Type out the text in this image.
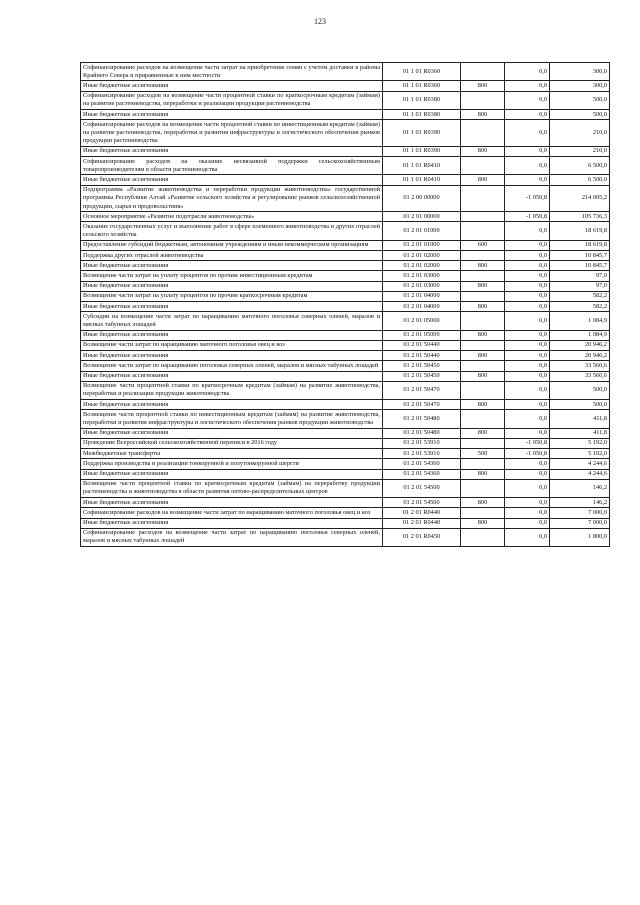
123
Софинансирование расходов на возмещение части затрат на приобретение семян с учетом доставки в районы Крайнего Севера и приравненные к ним местности	01 1 01 R0360		0,0	300,0
Иные бюджетные ассигнования	01 1 01 R0360	800	0,0	300,0
Софинансирование расходов на возмещение части процентной ставки по краткосрочным кредитам (займам) на развитие растениеводства, переработки и реализации продукции растениеводства	01 1 01 R0380		0,0	500,0
Иные бюджетные ассигнования	01 1 01 R0380	800	0,0	500,0
Софинансирование расходов на возмещение части процентной ставки по инвестиционным кредитам (займам) на развитие растениеводства, переработки и развития инфраструктуры и логистического обеспечения рынков продукции растениеводства	01 1 01 R0390		0,0	210,0
Иные бюджетные ассигнования	01 1 01 R0390	800	0,0	210,0
Софинансирование расходов на оказание несвязанной поддержки сельскохозяйственным товаропроизводителям в области растениеводства	01 1 01 R0410		0,0	6 500,0
Иные бюджетные ассигнования	01 1 01 R0410	800	0,0	6 500,0
Подпрограмма «Развитие животноводства и переработки продукции животноводства» государственной программы Республики Алтай «Развитие сельского хозяйства и регулирование рынков сельскохозяйственной продукции, сырья и продовольствия»	01 2 00 00000		-1 050,8	214 005,2
Основное мероприятие «Развитие подотрасли животноводства»	01 2 01 00000		-1 050,8	105 736,3
Оказание государственных услуг и выполнение работ в сфере племенного животноводства и других отраслей сельского хозяйства	01 2 01 01000		0,0	18 619,8
Предоставление субсидий бюджетным, автономным учреждениям и иным некоммерческим организациям	01 2 01 01000	600	0,0	18 619,8
Поддержка других отраслей животноводства	01 2 01 02000		0,0	10 845,7
Иные бюджетные ассигнования	01 2 01 02000	800	0,0	10 845,7
Возмещение части затрат на уплату процентов по прочим инвестиционным кредитам	01 2 01 03000		0,0	97,0
Иные бюджетные ассигнования	01 2 01 03000	800	0,0	97,0
Возмещение части затрат на уплату процентов по прочим краткосрочным кредитам	01 2 01 04000		0,0	582,2
Иные бюджетные ассигнования	01 2 01 04000	800	0,0	582,2
Субсидии на возмещение части затрат по наращиванию маточного поголовья северных оленей, маралов и мясных табунных лошадей	01 2 01 05000		0,0	1 084,9
Иные бюджетные ассигнования	01 2 01 05000	800	0,0	1 084,9
Возмещение части затрат по наращиванию маточного поголовья овец и коз	01 2 01 50440		0,0	20 946,2
Иные бюджетные ассигнования	01 2 01 50440	800	0,0	20 946,2
Возмещение части затрат по наращиванию поголовья северных оленей, маралов и мясных табунных лошадей	01 2 01 50450		0,0	33 560,6
Иные бюджетные ассигнования	01 2 01 50450	800	0,0	33 560,6
Возмещение части процентной ставки по краткосрочным кредитам (займам) на развитие животноводства, переработки и реализации продукции животноводства	01 2 01 50470		0,0	500,0
Иные бюджетные ассигнования	01 2 01 50470	800	0,0	500,0
Возмещение части процентной ставки по инвестиционным кредитам (займам) на развитие животноводства, переработки и развития инфраструктуры и логистического обеспечения рынков продукции животноводства	01 2 01 50480		0,0	411,8
Иные бюджетные ассигнования	01 2 01 50480	800	0,0	411,8
Проведение Всероссийской сельскохозяйственной переписи в 2016 году	01 2 01 53910		-1 050,8	5 192,0
Межбюджетные трансферты	01 2 01 53910	500	-1 050,8	5 192,0
Поддержка производства и реализации тонкорунной и полутонкорунной шерсти	01 2 01 54360		0,0	4 244,6
Иные бюджетные ассигнования	01 2 01 54360	800	0,0	4 244,6
Возмещение части процентной ставки по краткосрочным кредитам (займам) на переработку продукции растениеводства и животноводства в области развития оптово-распределительных центров	01 2 01 54500		0,0	146,2
Иные бюджетные ассигнования	01 2 01 54500	800	0,0	146,2
Софинансирование расходов на возмещение части затрат по наращиванию маточного поголовья овец и коз	01 2 01 R0440		0,0	7 000,0
Иные бюджетные ассигнования	01 2 01 R0440	800	0,0	7 000,0
Софинансирование расходов на возмещение части затрат по наращиванию поголовья северных оленей, маралов и мясных табунных лошадей	01 2 01 R0450		0,0	1 800,0
